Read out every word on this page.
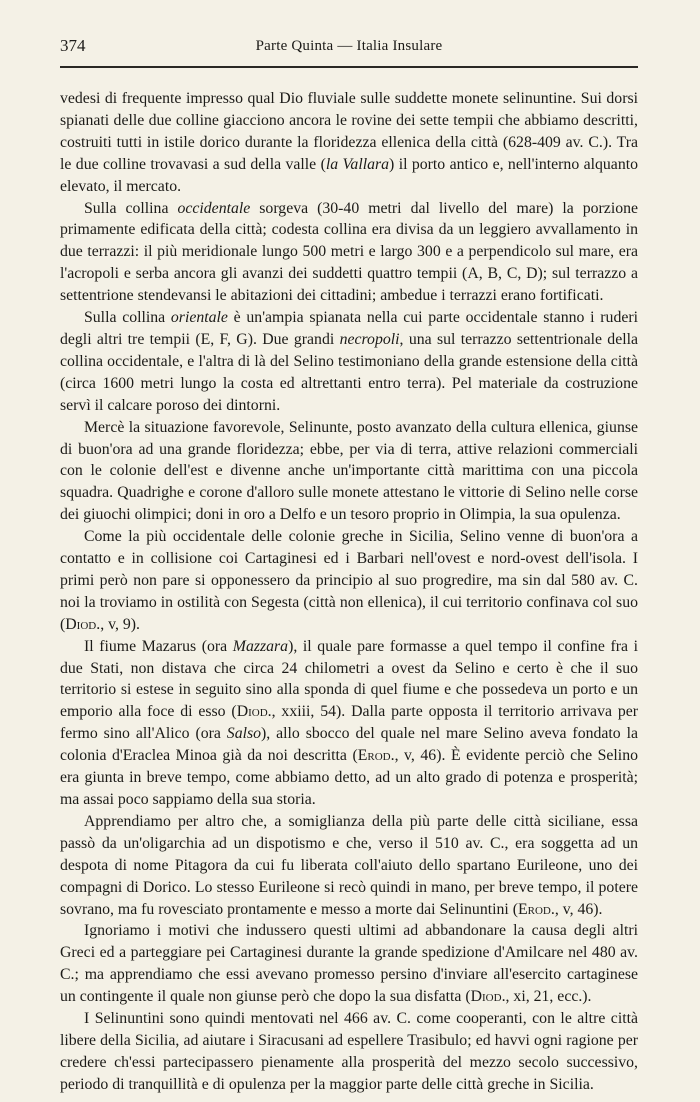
374	Parte Quinta — Italia Insulare

vedesi di frequente impresso qual Dio fluviale sulle suddette monete selinuntine. Sui dorsi spianati delle due colline giacciono ancora le rovine dei sette tempii che abbiamo descritti, costruiti tutti in istile dorico durante la floridezza ellenica della città (628-409 av. C.). Tra le due colline trovavasi a sud della valle (la Vallara) il porto antico e, nell'interno alquanto elevato, il mercato.

Sulla collina occidentale sorgeva (30-40 metri dal livello del mare) la porzione primamente edificata della città; codesta collina era divisa da un leggiero avvallamento in due terrazzi: il più meridionale lungo 500 metri e largo 300 e a perpendicolo sul mare, era l'acropoli e serba ancora gli avanzi dei suddetti quattro tempii (A, B, C, D); sul terrazzo a settentrione stendevansi le abitazioni dei cittadini; ambedue i terrazzi erano fortificati.

Sulla collina orientale è un'ampia spianata nella cui parte occidentale stanno i ruderi degli altri tre tempii (E, F, G). Due grandi necropoli, una sul terrazzo settentrionale della collina occidentale, e l'altra di là del Selino testimoniano della grande estensione della città (circa 1600 metri lungo la costa ed altrettanti entro terra). Pel materiale da costruzione servì il calcare poroso dei dintorni.

Mercè la situazione favorevole, Selinunte, posto avanzato della cultura ellenica, giunse di buon'ora ad una grande floridezza; ebbe, per via di terra, attive relazioni commerciali con le colonie dell'est e divenne anche un'importante città marittima con una piccola squadra. Quadrighe e corone d'alloro sulle monete attestano le vittorie di Selino nelle corse dei giuochi olimpici; doni in oro a Delfo e un tesoro proprio in Olimpia, la sua opulenza.

Come la più occidentale delle colonie greche in Sicilia, Selino venne di buon'ora a contatto e in collisione coi Cartaginesi ed i Barbari nell'ovest e nord-ovest dell'isola. I primi però non pare si opponessero da principio al suo progredire, ma sin dal 580 av. C. noi la troviamo in ostilità con Segesta (città non ellenica), il cui territorio confinava col suo (Diod., v, 9).

Il fiume Mazarus (ora Mazzara), il quale pare formasse a quel tempo il confine fra i due Stati, non distava che circa 24 chilometri a ovest da Selino e certo è che il suo territorio si estese in seguito sino alla sponda di quel fiume e che possedeva un porto e un emporio alla foce di esso (Diod., xxiii, 54). Dalla parte opposta il territorio arrivava per fermo sino all'Alico (ora Salso), allo sbocco del quale nel mare Selino aveva fondato la colonia d'Eraclea Minoa già da noi descritta (Erod., v, 46). È evidente perciò che Selino era giunta in breve tempo, come abbiamo detto, ad un alto grado di potenza e prosperità; ma assai poco sappiamo della sua storia.

Apprendiamo per altro che, a somiglianza della più parte delle città siciliane, essa passò da un'oligarchia ad un dispotismo e che, verso il 510 av. C., era soggetta ad un despota di nome Pitagora da cui fu liberata coll'aiuto dello spartano Eurileone, uno dei compagni di Dorico. Lo stesso Eurileone si recò quindi in mano, per breve tempo, il potere sovrano, ma fu rovesciato prontamente e messo a morte dai Selinuntini (Erod., v, 46).

Ignoriamo i motivi che indussero questi ultimi ad abbandonare la causa degli altri Greci ed a parteggiare pei Cartaginesi durante la grande spedizione d'Amilcare nel 480 av. C.; ma apprendiamo che essi avevano promesso persino d'inviare all'esercito cartaginese un contingente il quale non giunse però che dopo la sua disfatta (Diod., xi, 21, ecc.).

I Selinuntini sono quindi mentovati nel 466 av. C. come cooperanti, con le altre città libere della Sicilia, ad aiutare i Siracusani ad espellere Trasibulo; ed havvi ogni ragione per credere ch'essi partecipassero pienamente alla prosperità del mezzo secolo successivo, periodo di tranquillità e di opulenza per la maggior parte delle città greche in Sicilia.
